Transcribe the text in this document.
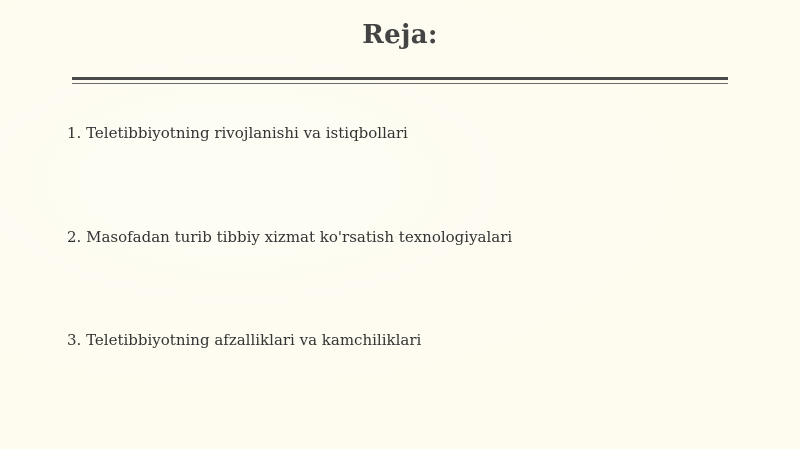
Reja:
1. Teletibbiyotning rivojlanishi va istiqbollari
2. Masofadan turib tibbiy xizmat ko'rsatish texnologiyalari
3. Teletibbiyotning afzalliklari va kamchiliklari
